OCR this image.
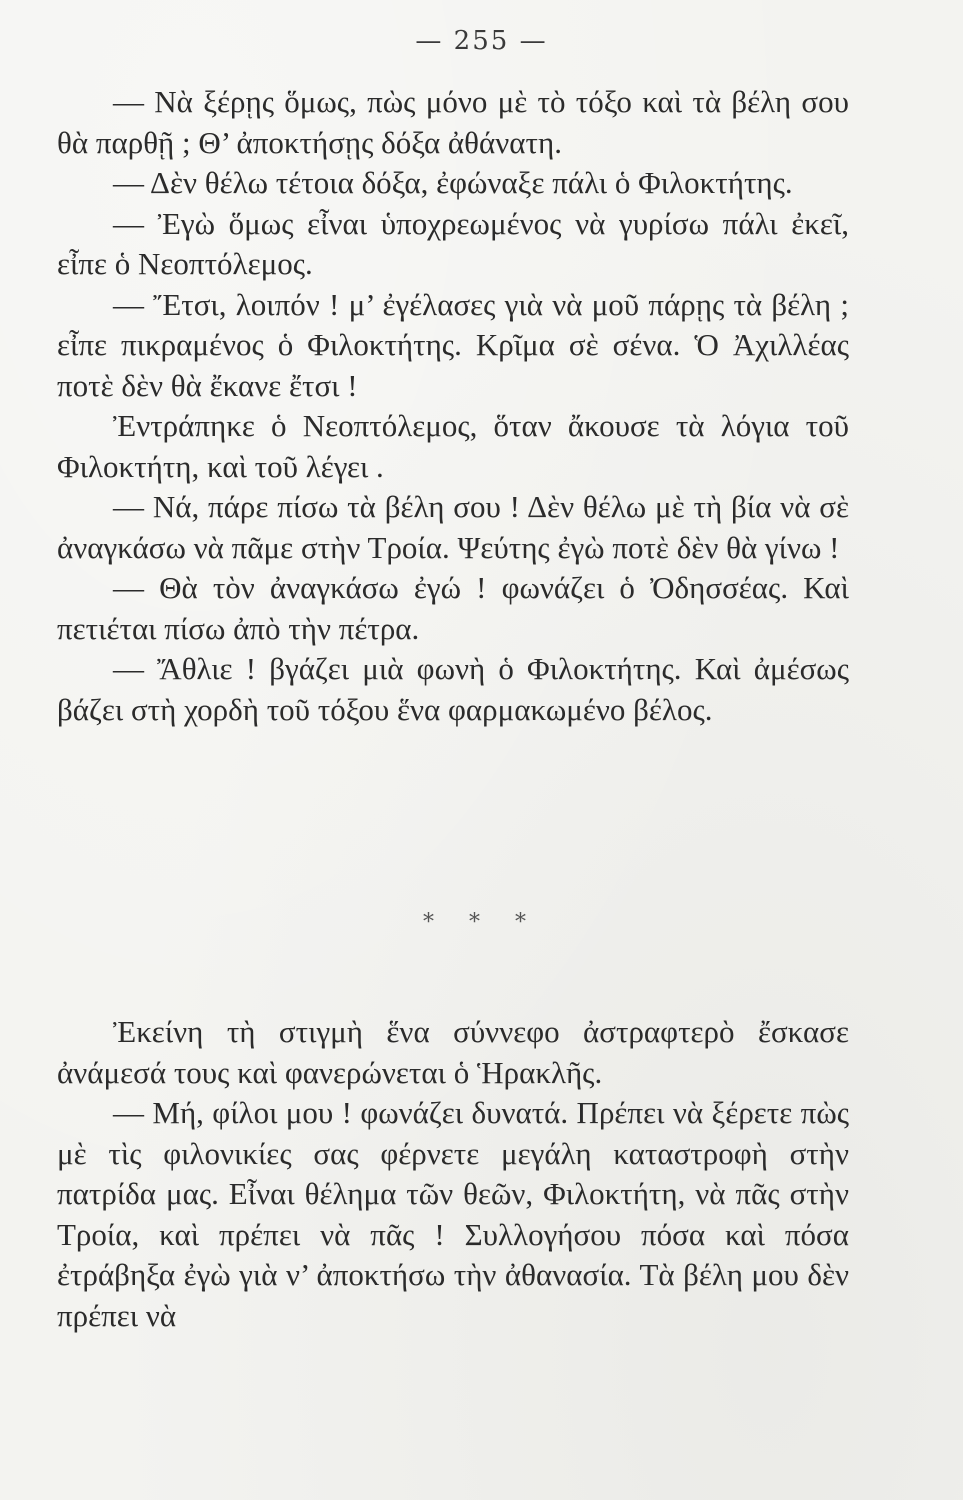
— 255 —

— Νὰ ξέρῃς ὅμως, πὼς μόνο μὲ τὸ τόξο καὶ τὰ βέλη σου θὰ παρθῇ ; Θ’ ἀποκτήσῃς δόξα ἀθάνατη.

— Δὲν θέλω τέτοια δόξα, ἐφώναξε πάλι ὁ Φιλοκτήτης.

— Ἐγὼ ὅμως εἶναι ὑποχρεωμένος νὰ γυρίσω πάλι ἐκεῖ, εἶπε ὁ Νεοπτόλεμος.

— Ἔτσι, λοιπόν ! μ’ ἐγέλασες γιὰ νὰ μοῦ πάρῃς τὰ βέλη ; εἶπε πικραμένος ὁ Φιλοκτήτης. Κρῖμα σὲ σένα. Ὁ Ἀχιλλέας ποτὲ δὲν θὰ ἔκανε ἔτσι !

Ἐντράπηκε ὁ Νεοπτόλεμος, ὅταν ἄκουσε τὰ λόγια τοῦ Φιλοκτήτη, καὶ τοῦ λέγει .

— Νά, πάρε πίσω τὰ βέλη σου ! Δὲν θέλω μὲ τὴ βία νὰ σὲ ἀναγκάσω νὰ πᾶμε στὴν Τροία. Ψεύτης ἐγὼ ποτὲ δὲν θὰ γίνω !

— Θὰ τὸν ἀναγκάσω ἐγώ ! φωνάζει ὁ Ὀδησσέας. Καὶ πετιέται πίσω ἀπὸ τὴν πέτρα.

— Ἄθλιε ! βγάζει μιὰ φωνὴ ὁ Φιλοκτήτης. Καὶ ἀμέσως βάζει στὴ χορδὴ τοῦ τόξου ἕνα φαρμακωμένο βέλος.

* * *

Ἐκείνη τὴ στιγμὴ ἕνα σύννεφο ἀστραφτερὸ ἔσκασε ἀνάμεσά τους καὶ φανερώνεται ὁ Ἡρακλῆς.

— Μή, φίλοι μου ! φωνάζει δυνατά. Πρέπει νὰ ξέρετε πὼς μὲ τὶς φιλονικίες σας φέρνετε μεγάλη καταστροφὴ στὴν πατρίδα μας. Εἶναι θέλημα τῶν θεῶν, Φιλοκτήτη, νὰ πᾶς στὴν Τροία, καὶ πρέπει νὰ πᾶς ! Συλλογήσου πόσα καὶ πόσα ἐτράβηξα ἐγὼ γιὰ ν’ ἀποκτήσω τὴν ἀθανασία. Τὰ βέλη μου δὲν πρέπει νὰ
